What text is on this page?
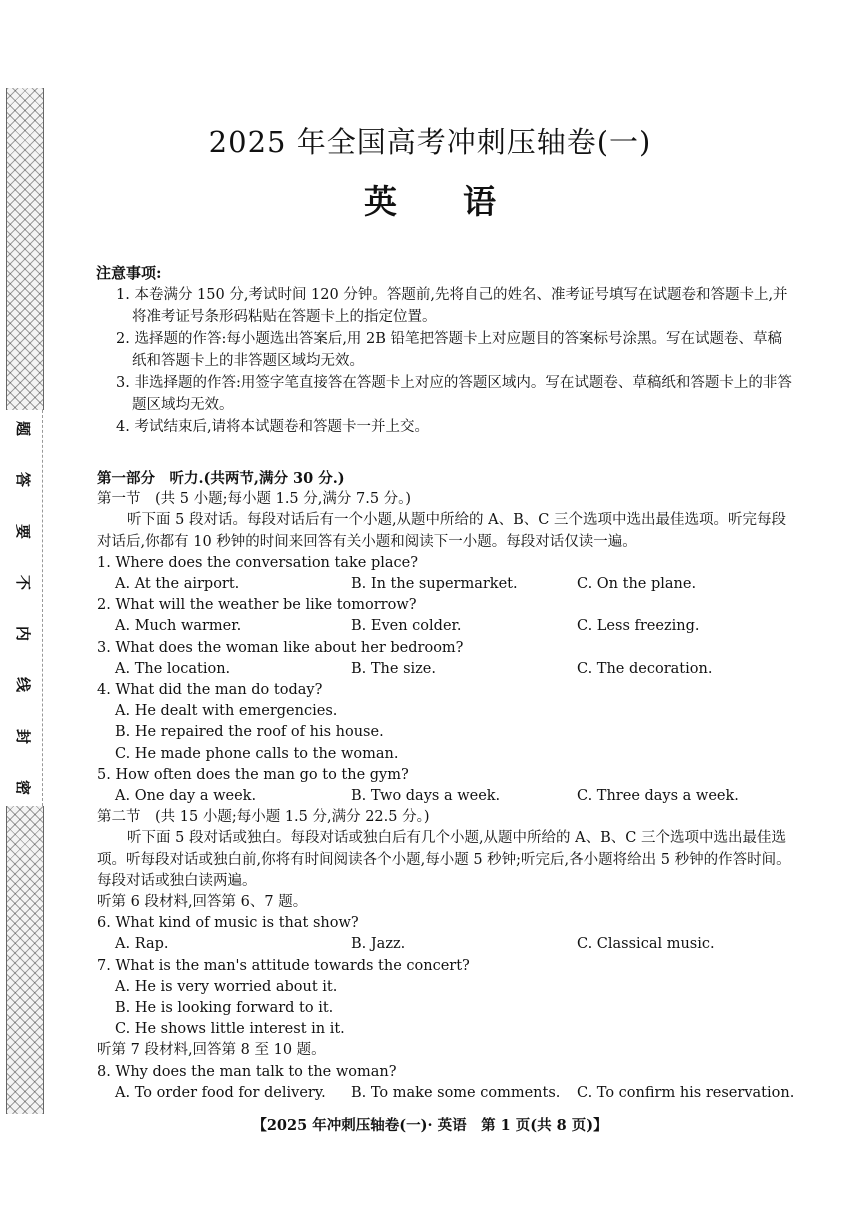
题
答
要
不
内
线
封
密
2025 年全国高考冲刺压轴卷(一)
英语
注意事项:
1. 本卷满分 150 分,考试时间 120 分钟。答题前,先将自己的姓名、准考证号填写在试题卷和答题卡上,并将准考证号条形码粘贴在答题卡上的指定位置。
2. 选择题的作答:每小题选出答案后,用 2B 铅笔把答题卡上对应题目的答案标号涂黑。写在试题卷、草稿纸和答题卡上的非答题区域均无效。
3. 非选择题的作答:用签字笔直接答在答题卡上对应的答题区域内。写在试题卷、草稿纸和答题卡上的非答题区域均无效。
4. 考试结束后,请将本试题卷和答题卡一并上交。

第一部分　听力.(共两节,满分 30 分.)

第一节　(共 5 小题;每小题 1.5 分,满分 7.5 分。)

听下面 5 段对话。每段对话后有一个小题,从题中所给的 A、B、C 三个选项中选出最佳选项。听完每段对话后,你都有 10 秒钟的时间来回答有关小题和阅读下一小题。每段对话仅读一遍。

1. Where does the conversation take place?

A. At the airport.	B. In the supermarket.	C. On the plane.

2. What will the weather be like tomorrow?

A. Much warmer.	B. Even colder.	C. Less freezing.

3. What does the woman like about her bedroom?

A. The location.	B. The size.	C. The decoration.

4. What did the man do today?

A. He dealt with emergencies.

B. He repaired the roof of his house.

C. He made phone calls to the woman.

5. How often does the man go to the gym?

A. One day a week.	B. Two days a week.	C. Three days a week.

第二节　(共 15 小题;每小题 1.5 分,满分 22.5 分。)

听下面 5 段对话或独白。每段对话或独白后有几个小题,从题中所给的 A、B、C 三个选项中选出最佳选项。听每段对话或独白前,你将有时间阅读各个小题,每小题 5 秒钟;听完后,各小题将给出 5 秒钟的作答时间。每段对话或独白读两遍。

听第 6 段材料,回答第 6、7 题。

6. What kind of music is that show?

A. Rap.	B. Jazz.	C. Classical music.

7. What is the man's attitude towards the concert?

A. He is very worried about it.

B. He is looking forward to it.

C. He shows little interest in it.

听第 7 段材料,回答第 8 至 10 题。

8. Why does the man talk to the woman?

A. To order food for delivery.	B. To make some comments.	C. To confirm his reservation.
【2025 年冲刺压轴卷(一)· 英语　第 1 页(共 8 页)】
